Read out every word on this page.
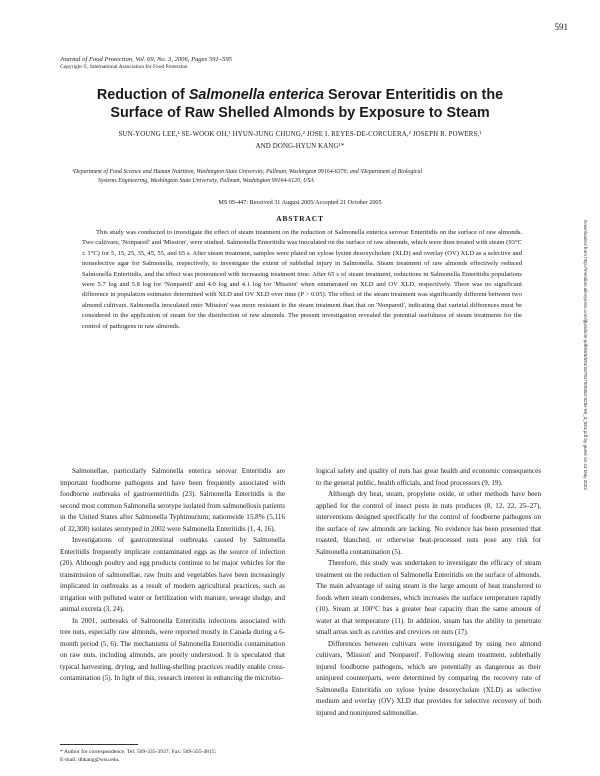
591
Journal of Food Protection, Vol. 69, No. 3, 2006, Pages 591–595
Copyright ©, International Association for Food Protection
Reduction of Salmonella enterica Serovar Enteritidis on the
Surface of Raw Shelled Almonds by Exposure to Steam
SUN-YOUNG LEE,¹ SE-WOOK OH,¹ HYUN-JUNG CHUNG,² JOSE I. REYES-DE-CORCUERA,² JOSEPH R. POWERS,¹
AND DONG-HYUN KANG¹*
¹Department of Food Science and Human Nutrition, Washington State University, Pullman, Washington 99164-6376; and ²Department of Biological
Systems Engineering, Washington State University, Pullman, Washington 99164-6120, USA
MS 05-447: Received 31 August 2005/Accepted 21 October 2005
ABSTRACT

This study was conducted to investigate the effect of steam treatment on the reduction of Salmonella enterica serovar Enteritidis on the surface of raw almonds. Two cultivars, 'Nonpareil' and 'Mission', were studied. Salmonella Enteritidis was inoculated on the surface of raw almonds, which were then treated with steam (93°C ± 1°C) for 5, 15, 25, 35, 45, 55, and 65 s. After steam treatment, samples were plated on xylose lysine desoxycholate (XLD) and overlay (OV) XLD as a selective and nonselective agar for Salmonella, respectively, to investigate the extent of sublethal injury in Salmonella. Steam treatment of raw almonds effectively reduced Salmonella Enteritidis, and the effect was pronounced with increasing treatment time. After 65 s of steam treatment, reductions in Salmonella Enteritidis populations were 5.7 log and 5.8 log for 'Nonpareil' and 4.0 log and 4.1 log for 'Mission' when enumerated on XLD and OV XLD, respectively. There was no significant difference in population estimates determined with XLD and OV XLD over time (P > 0.05). The effect of the steam treatment was significantly different between two almond cultivars. Salmonella inoculated onto 'Mission' was more resistant to the steam treatment than that on 'Nonpareil', indicating that varietal differences must be considered in the application of steam for the disinfection of raw almonds. The present investigation revealed the potential usefulness of steam treatments for the control of pathogens in raw almonds.

Salmonellae, particularly Salmonella enterica serovar Enteritidis are important foodborne pathogens and have been frequently associated with foodborne outbreaks of gastroenteritidis (23). Salmonella Enteritidis is the second most common Salmonella serotype isolated from salmonellosis patients in the United States after Salmonella Typhimurium; nationwide 15.8% (5,116 of 32,308) isolates serotyped in 2002 were Salmonella Enteritidis (1, 4, 16).

Investigations of gastrointestinal outbreaks caused by Salmonella Enteritidis frequently implicate contaminated eggs as the source of infection (20). Although poultry and egg products continue to be major vehicles for the transmission of salmonellae, raw fruits and vegetables have been increasingly implicated in outbreaks as a result of modern agricultural practices, such as irrigation with polluted water or fertilization with manure, sewage sludge, and animal excreta (3, 24).

In 2001, outbreaks of Salmonella Enteritidis infections associated with tree nuts, especially raw almonds, were reported mostly in Canada during a 6-month period (5, 6). The mechanisms of Salmonella Enteritidis contamination on raw nuts, including almonds, are poorly understood. It is speculated that typical harvesting, drying, and hulling-shelling practices readily enable cross-contamination (5). In light of this, research interest in enhancing the microbio-

logical safety and quality of nuts has great health and economic consequences to the general public, health officials, and food processors (9, 19).

Although dry heat, steam, propylene oxide, or other methods have been applied for the control of insect pests in nuts produces (8, 12, 22, 25–27), interventions designed specifically for the control of foodborne pathogens on the surface of raw almonds are lacking. No evidence has been presented that roasted, blanched, or otherwise heat-processed nuts pose any risk for Salmonella contamination (5).

Therefore, this study was undertaken to investigate the efficacy of steam treatment on the reduction of Salmonella Enteritidis on the surface of almonds. The main advantage of using steam is the large amount of heat transferred to foods when steam condenses, which increases the surface temperature rapidly (10). Steam at 100°C has a greater heat capacity than the same amount of water at that temperature (11). In addition, steam has the ability to penetrate small areas such as cavities and crevices on nuts (17).

Differences between cultivars were investigated by using two almond cultivars, 'Mission' and 'Nonpareil'. Following steam treatment, sublethally injured foodborne pathogens, which are potentially as dangerous as their uninjured counterparts, were determined by comparing the recovery rate of Salmonella Enteritidis on xylose lysine desoxycholate (XLD) as selective medium and overlay (OV) XLD that provides for selective recovery of both injured and noninjured salmonellae.

* Author for correspondence. Tel: 509-335-3937; Fax: 509-335-4815;
E-mail: dhkang@wsu.edu.
Downloaded from http://meridian.allenpress.com/jfp/article-pdf/69/3/591/1678179/0362-028x-69_3_591.pdf by guest on 24 May 2022
